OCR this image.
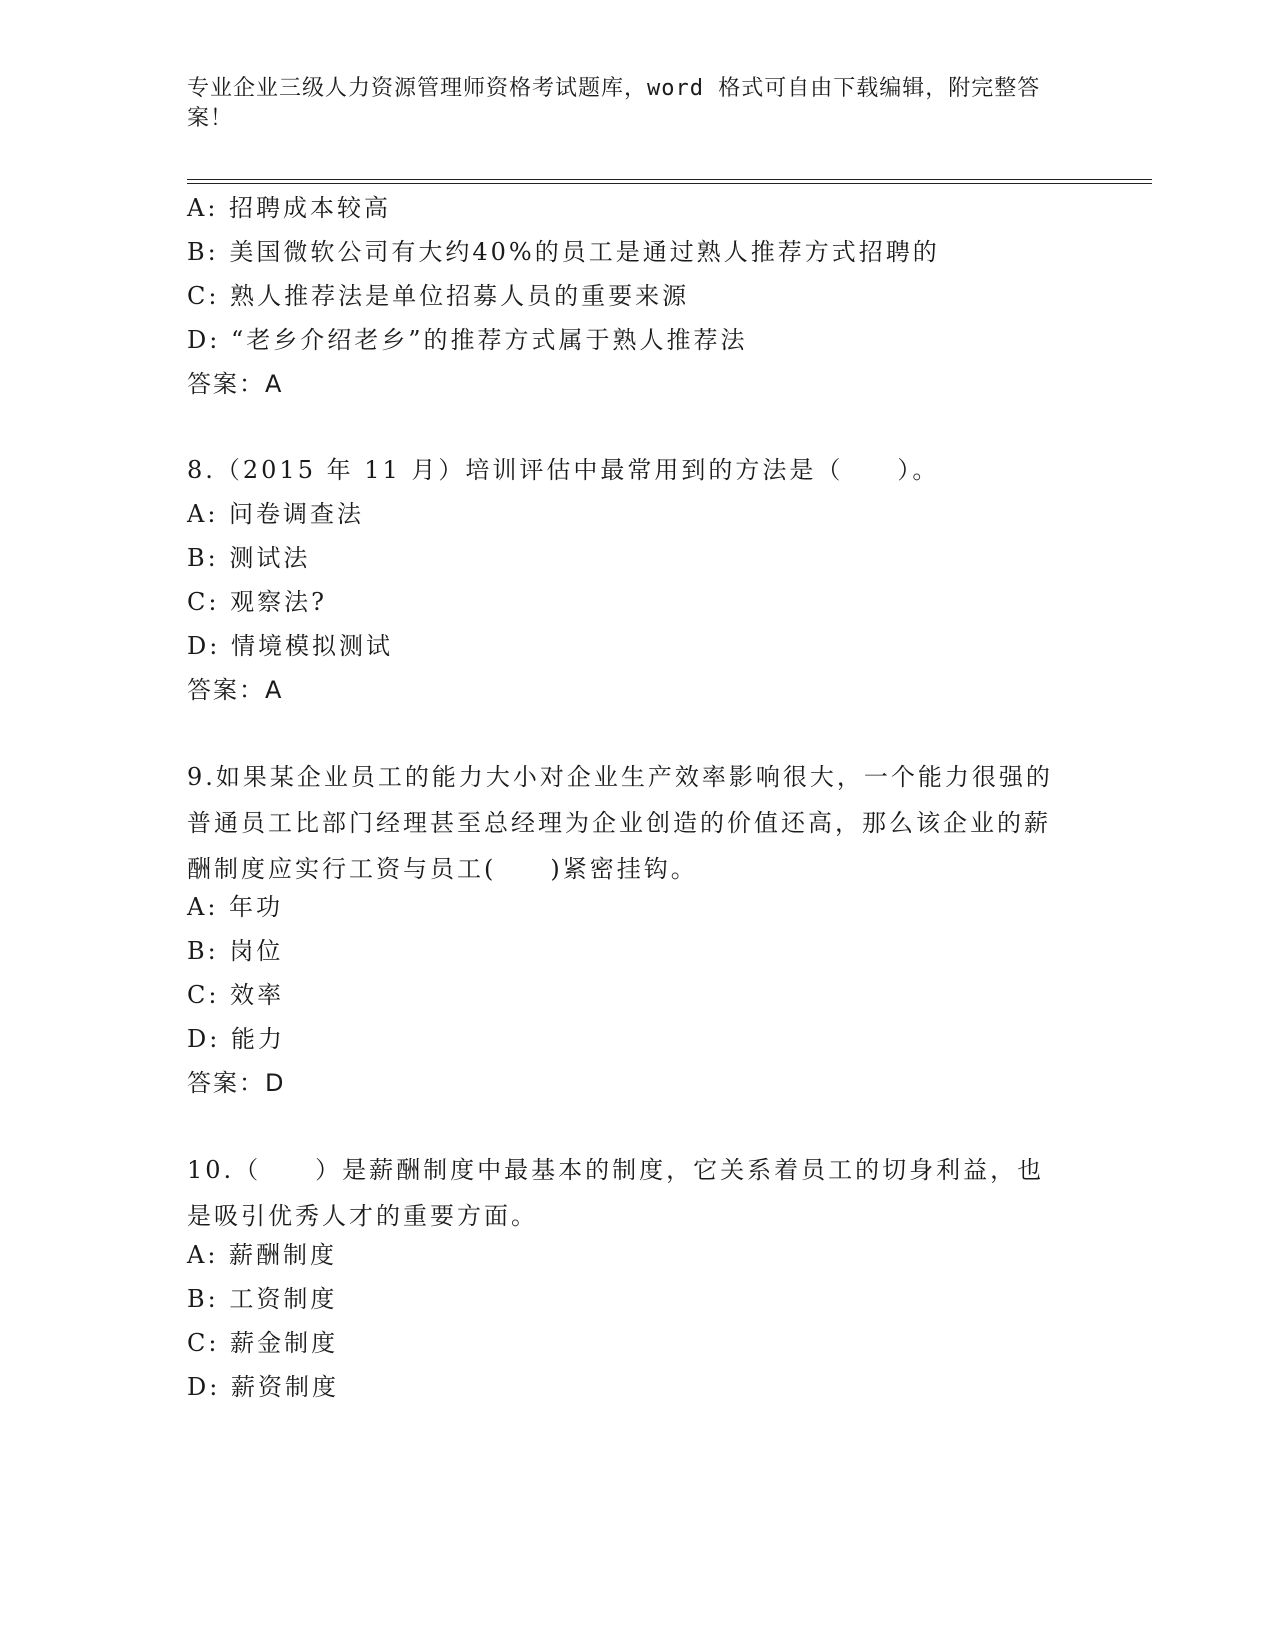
专业企业三级人力资源管理师资格考试题库，word 格式可自由下载编辑，附完整答案！
A: 招聘成本较高
B: 美国微软公司有大约40%的员工是通过熟人推荐方式招聘的
C: 熟人推荐法是单位招募人员的重要来源
D: “老乡介绍老乡”的推荐方式属于熟人推荐法
答案：A
8.（2015 年 11 月）培训评估中最常用到的方法是（　　）。
A: 问卷调查法
B: 测试法
C: 观察法?
D: 情境模拟测试
答案：A
9.如果某企业员工的能力大小对企业生产效率影响很大，一个能力很强的普通员工比部门经理甚至总经理为企业创造的价值还高，那么该企业的薪酬制度应实行工资与员工(　　)紧密挂钩。
A: 年功
B: 岗位
C: 效率
D: 能力
答案：D
10.（　　）是薪酬制度中最基本的制度，它关系着员工的切身利益，也是吸引优秀人才的重要方面。
A: 薪酬制度
B: 工资制度
C: 薪金制度
D: 薪资制度
